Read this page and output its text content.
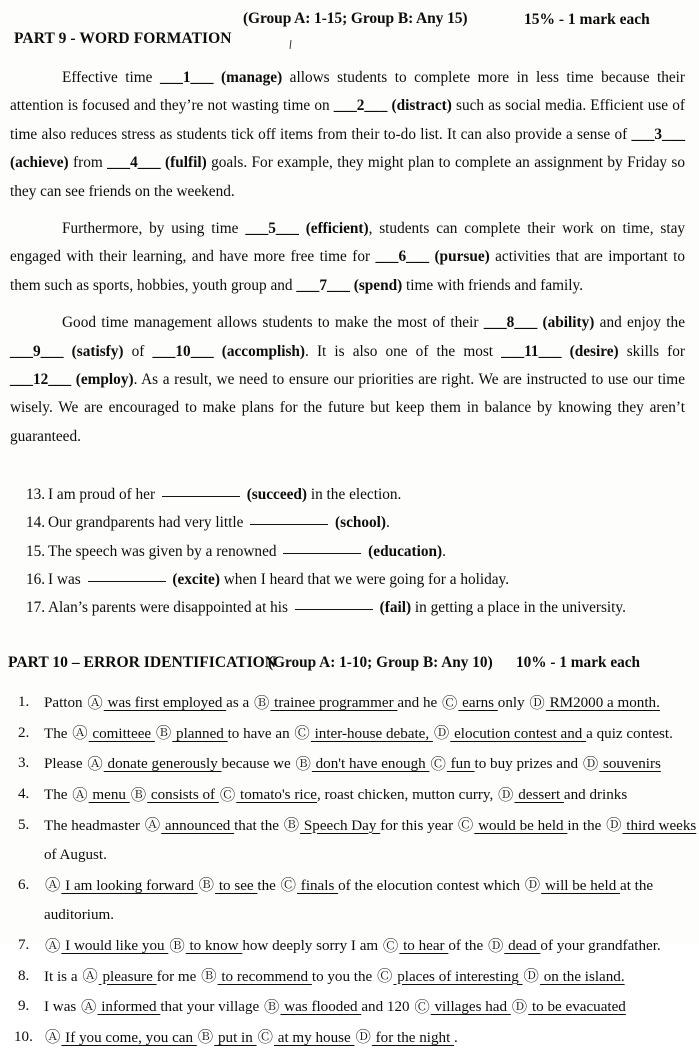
(Group A: 1-15; Group B: Any 15)	15% - 1 mark each
PART 9 - WORD FORMATION
Effective time ___1___ (manage) allows students to complete more in less time because their attention is focused and they’re not wasting time on ___2___ (distract) such as social media. Efficient use of time also reduces stress as students tick off items from their to-do list. It can also provide a sense of ___3___ (achieve) from ___4___ (fulfil) goals. For example, they might plan to complete an assignment by Friday so they can see friends on the weekend.
Furthermore, by using time ___5___ (efficient), students can complete their work on time, stay engaged with their learning, and have more free time for ___6___ (pursue) activities that are important to them such as sports, hobbies, youth group and ___7___ (spend) time with friends and family.
Good time management allows students to make the most of their ___8___ (ability) and enjoy the ___9___ (satisfy) of ___10___ (accomplish). It is also one of the most ___11___ (desire) skills for ___12___ (employ). As a result, we need to ensure our priorities are right. We are instructed to use our time wisely. We are encouraged to make plans for the future but keep them in balance by knowing they aren’t guaranteed.
13. I am proud of her	(succeed) in the election.
14. Our grandparents had very little	(school).
15. The speech was given by a renowned	(education).
16. I was	(excite) when I heard that we were going for a holiday.
17. Alan’s parents were disappointed at his	(fail) in getting a place in the university.
PART 10 – ERROR IDENTIFICATION
(Group A: 1-10; Group B: Any 10) 10% - 1 mark each
1. Patton Ⓐ was first employed as a Ⓑ trainee programmer and he Ⓒ earns only Ⓓ RM2000 a month.
2. The Ⓐ comitteee Ⓑ planned to have an Ⓒ inter-house debate, Ⓓ elocution contest and a quiz contest.
3. Please Ⓐ donate generously because we Ⓑ don't have enough Ⓒ fun to buy prizes and Ⓓ souvenirs
4. The Ⓐ menu Ⓑ consists of Ⓒ tomato's rice, roast chicken, mutton curry, Ⓓ dessert and drinks
5. The headmaster Ⓐ announced that the Ⓑ Speech Day for this year Ⓒ would be held in the Ⓓ third weeks of August.
6.	Ⓐ I am looking forward Ⓑ to see the Ⓒ finals of the elocution contest which Ⓓ will be held at the auditorium.
7.	Ⓐ I would like you Ⓑ to know how deeply sorry I am Ⓒ to hear of the Ⓓ dead of your grandfather.
8. It is a Ⓐ pleasure for me Ⓑ to recommend to you the Ⓒ places of interesting Ⓓ on the island.
9. I was Ⓐ informed that your village Ⓑ was flooded and 120 Ⓒ villages had Ⓓ to be evacuated
10. Ⓐ If you come, you can Ⓑ put in Ⓒ at my house Ⓓ for the night .
